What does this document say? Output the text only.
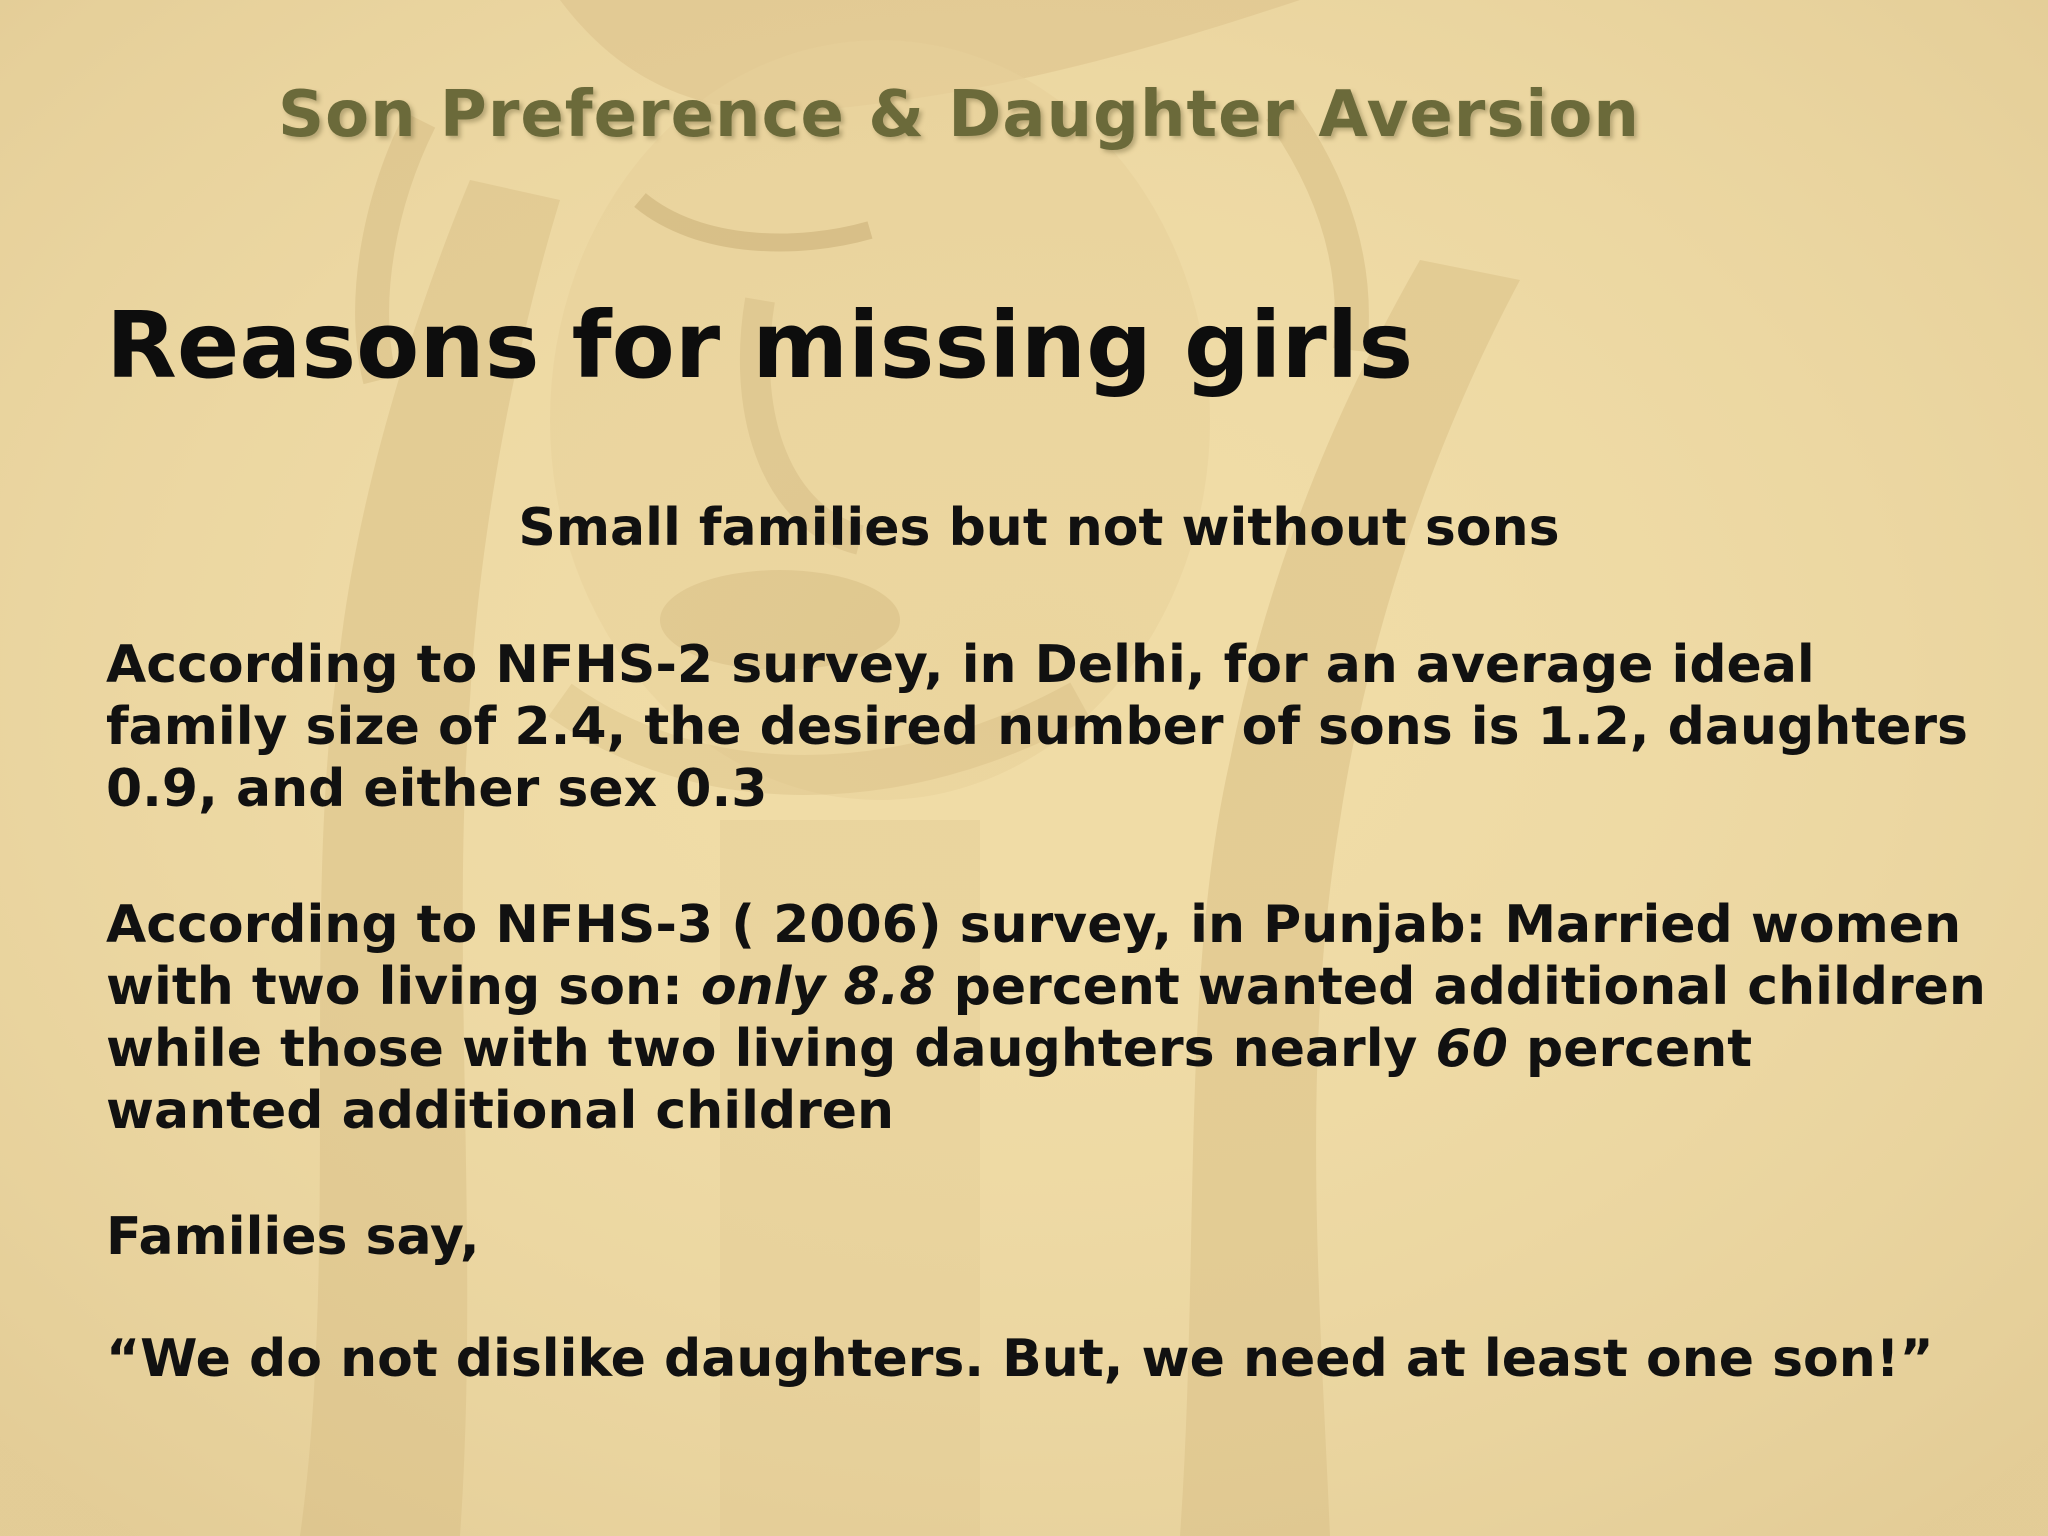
Son Preference & Daughter Aversion
Reasons for missing girls
Small families but not without sons
According to NFHS-2 survey, in Delhi, for an average ideal family size of 2.4, the desired number of sons is 1.2, daughters 0.9, and either sex 0.3
According to NFHS-3 ( 2006) survey, in Punjab: Married women with two living son: only 8.8 percent wanted additional children while those with two living daughters nearly 60 percent wanted additional children
Families say,
“We do not dislike daughters. But, we need at least one son!”
